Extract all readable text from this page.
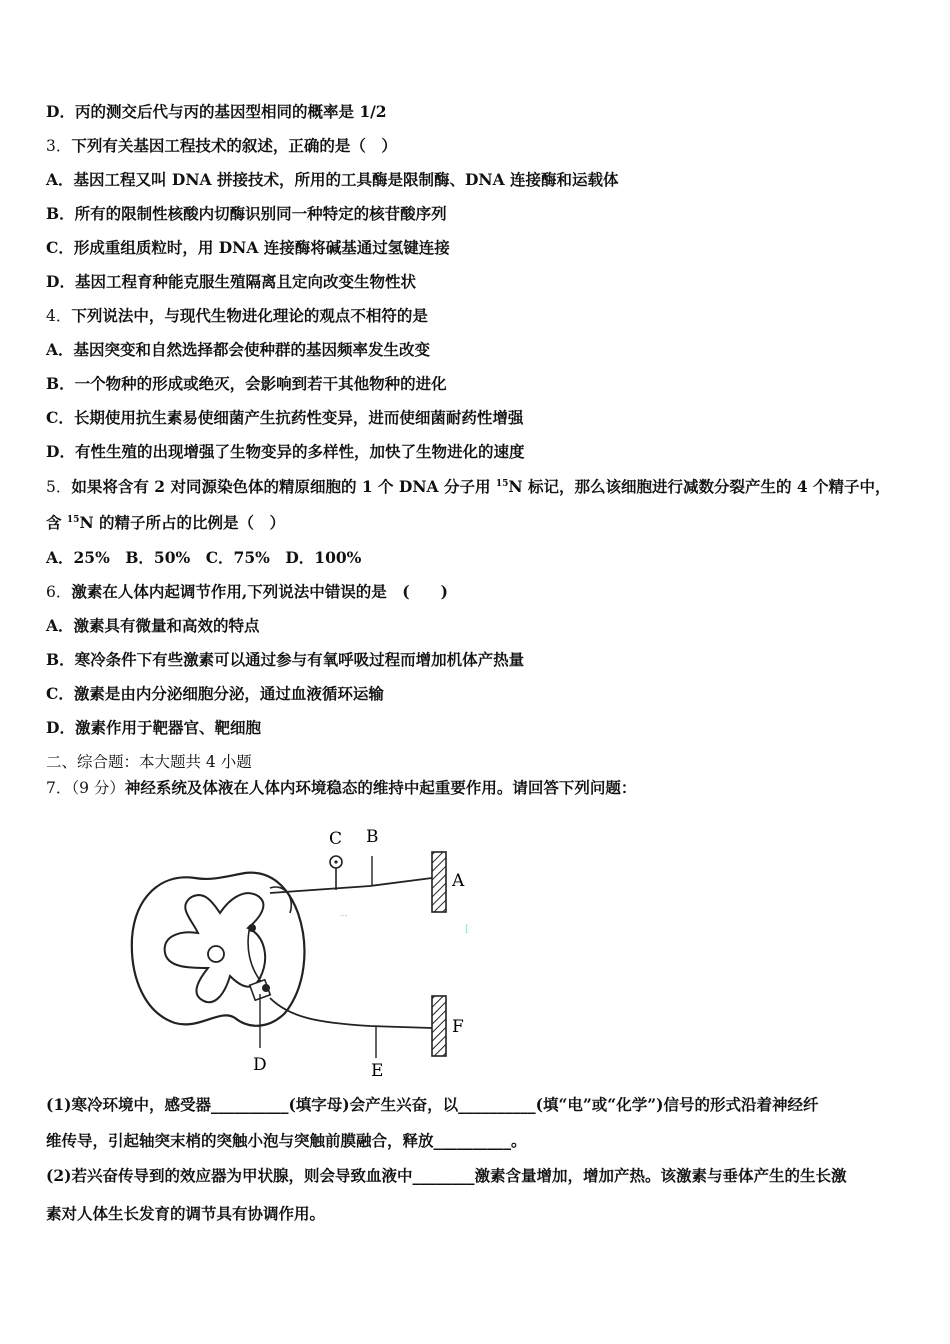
D．丙的测交后代与丙的基因型相同的概率是 1/2
3．下列有关基因工程技术的叙述，正确的是（　）
A．基因工程又叫 DNA 拼接技术，所用的工具酶是限制酶、DNA 连接酶和运载体
B．所有的限制性核酸内切酶识别同一种特定的核苷酸序列
C．形成重组质粒时，用 DNA 连接酶将碱基通过氢键连接
D．基因工程育种能克服生殖隔离且定向改变生物性状
4．下列说法中，与现代生物进化理论的观点不相符的是
A．基因突变和自然选择都会使种群的基因频率发生改变
B．一个物种的形成或绝灭，会影响到若干其他物种的进化
C．长期使用抗生素易使细菌产生抗药性变异，进而使细菌耐药性增强
D．有性生殖的出现增强了生物变异的多样性，加快了生物进化的速度
5．如果将含有 2 对同源染色体的精原细胞的 1 个 DNA 分子用 $^{15}$N 标记，那么该细胞进行减数分裂产生的 4 个精子中，
含 $^{15}$N 的精子所占的比例是（　）
A．25%　B．50%　C．75%　D．100%
6．激素在人体内起调节作用,下列说法中错误的是　(　　)
A．激素具有微量和高效的特点
B．寒冷条件下有些激素可以通过参与有氧呼吸过程而增加机体产热量
C．激素是由内分泌细胞分泌，通过血液循环运输
D．激素作用于靶器官、靶细胞
二、综合题：本大题共 4 小题
7．（9 分）神经系统及体液在人体内环境稳态的维持中起重要作用。请回答下列问题：
-·-
[
C B
A
D	E
F
(1)寒冷环境中，感受器__________(填字母)会产生兴奋，以__________(填“电”或“化学”)信号的形式沿着神经纤
维传导，引起轴突末梢的突触小泡与突触前膜融合，释放__________。
(2)若兴奋传导到的效应器为甲状腺，则会导致血液中________激素含量增加，增加产热。该激素与垂体产生的生长激
素对人体生长发育的调节具有协调作用。
